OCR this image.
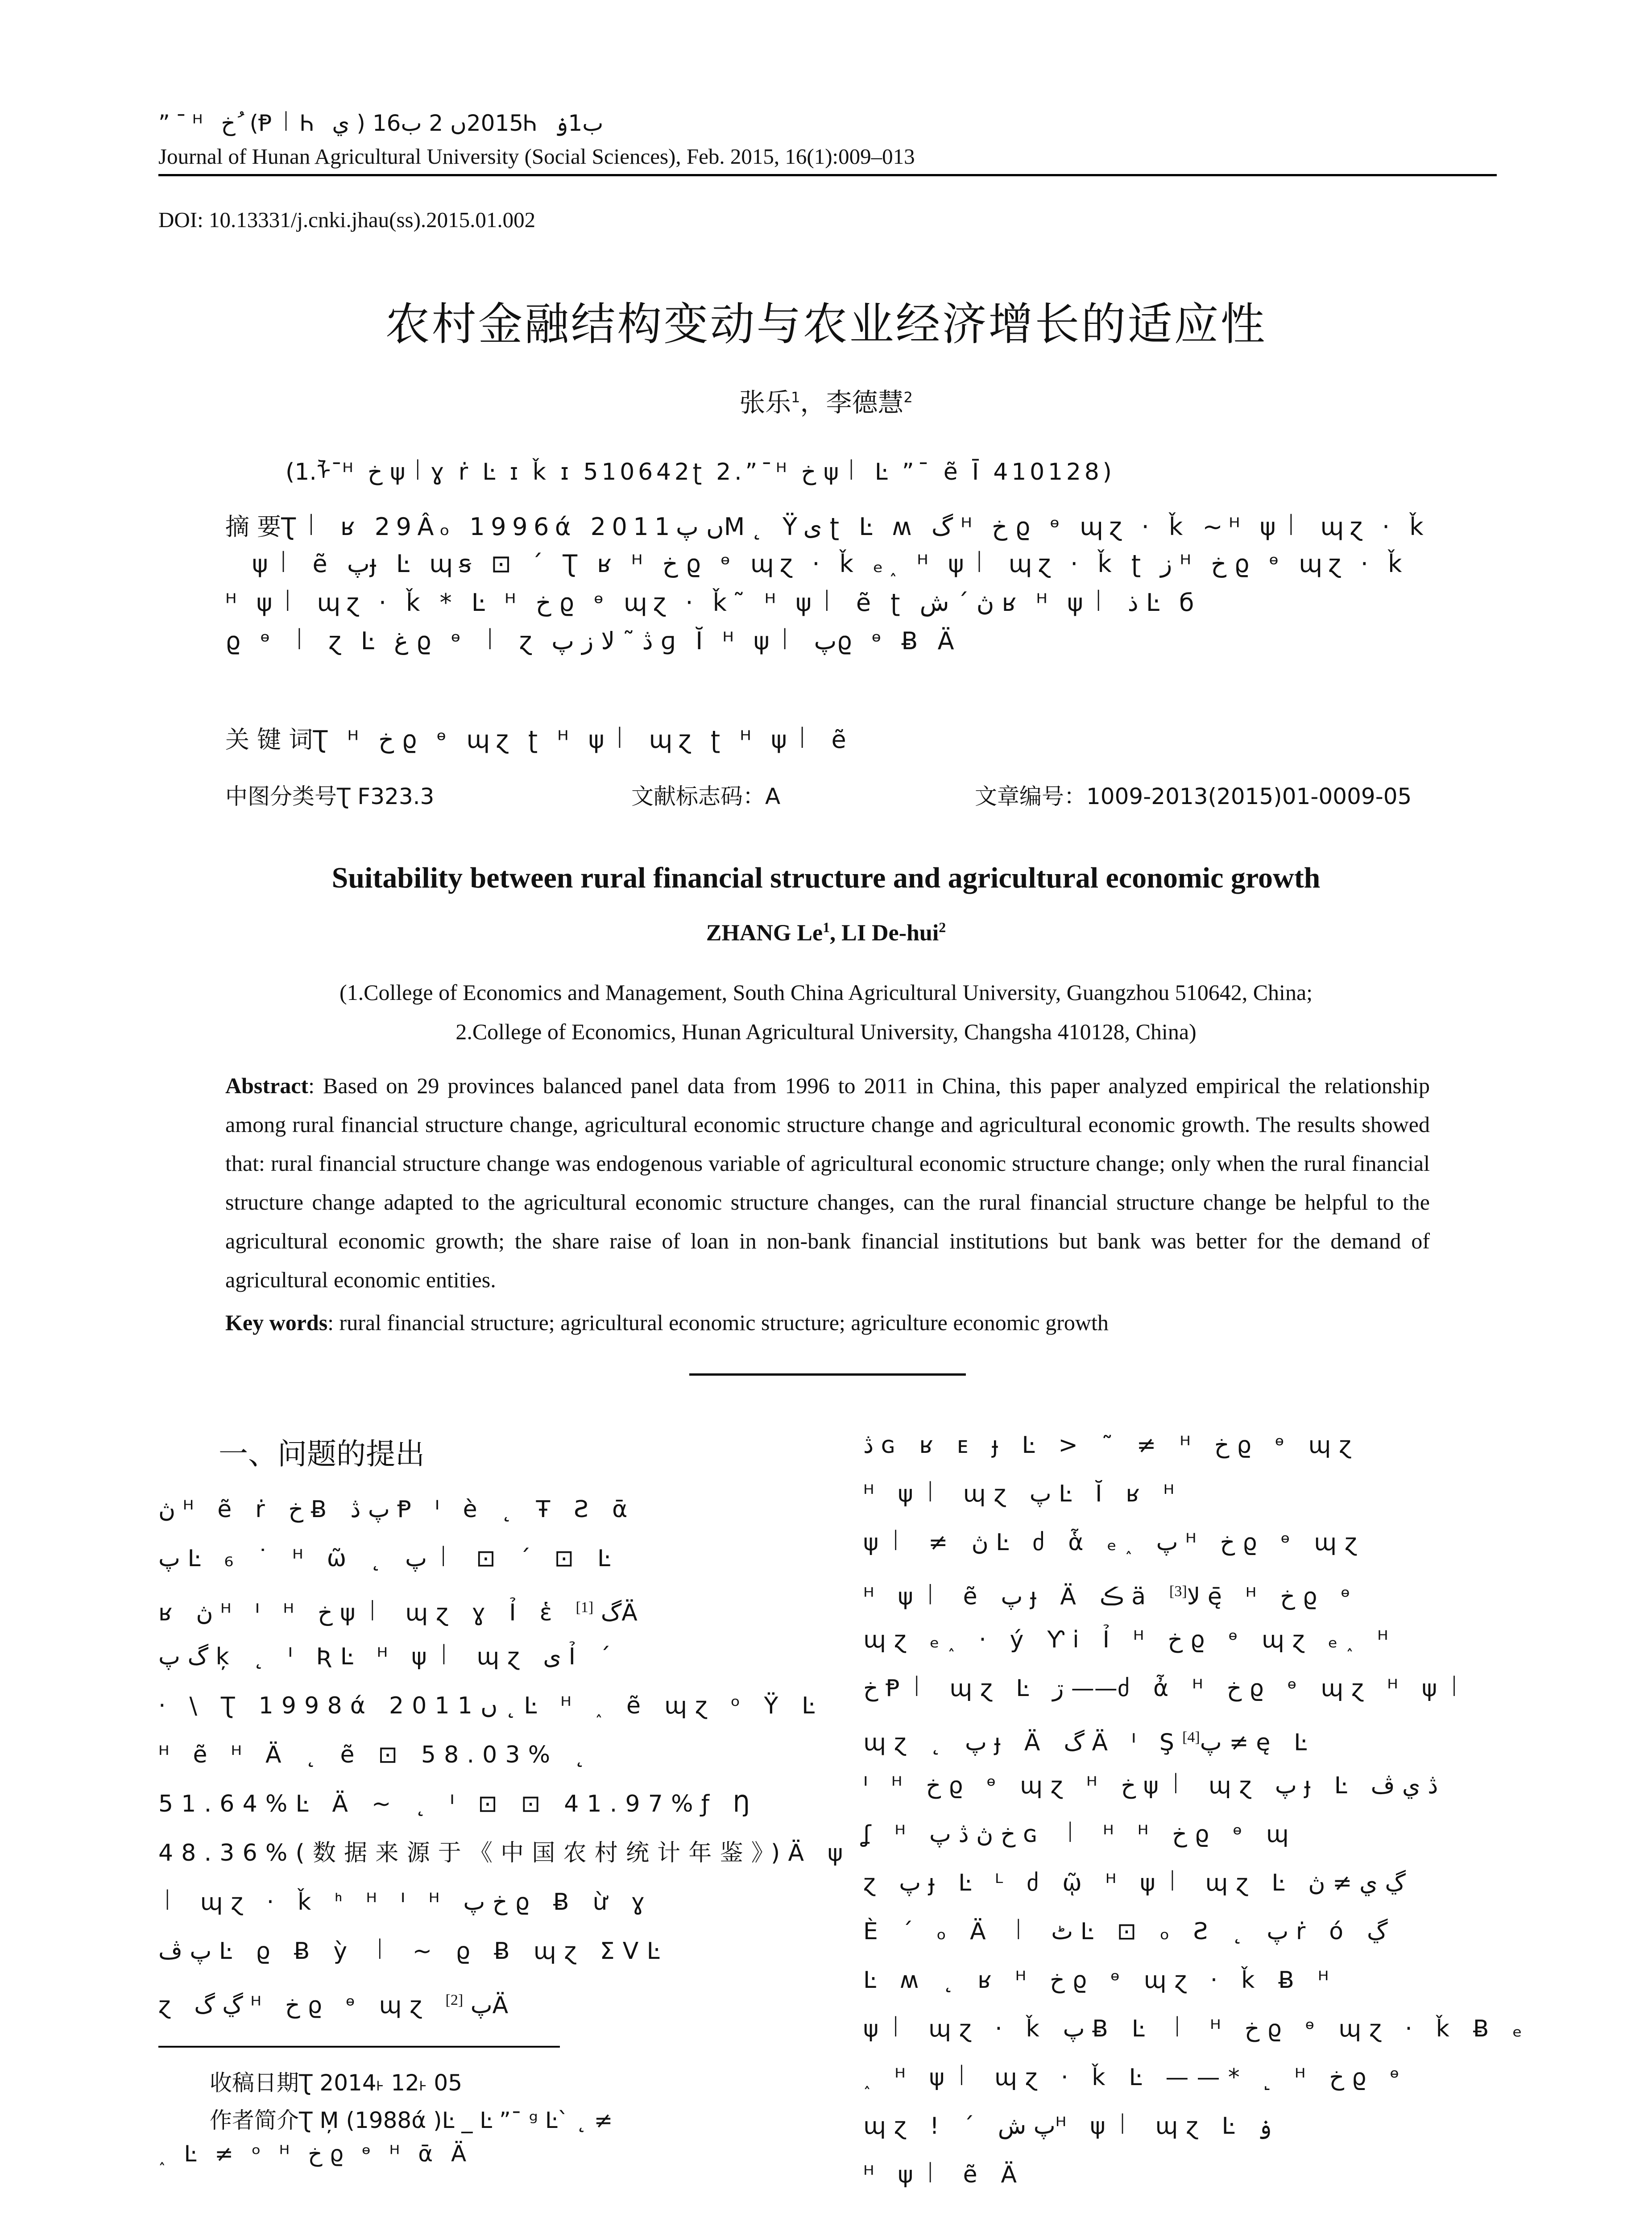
”¯ᴴ خ ُ (Ᵽ꒐Ꮒ ي ) 2015ں 2 ب16Ꮒ ب1ۏ

Journal of Hunan Agricultural University (Social Sciences), Feb. 2015, 16(1):009–013

DOI: 10.13331/j.cnki.jhau(ss).2015.01.002

农村金融结构变动与农业经济增长的适应性

张乐$^1$，李德慧$^2$

(1.ᠯ¯ᴴ خ ψ꒐ɣ ṙ Ŀ ɪ ǩ ɪ 510642ʈ 2.”¯ᴴ خ ψ꒐ Ŀ ”¯ ẽ Ī 410128)

摘 要Ʈ꒐ ʁ 29Âₒ 1996ά 2011ں پM˛ Ÿی ʈ Ŀ ʍ گ ᴴ خ ϱ ᶱ ɰɀ · ǩ ~ᴴ ψ꒐ ɰɀ · ǩ

ψ꒐ ẽ پɟ Ŀ ɰꞩ ⊡ ´ Ʈ ʁ ᴴ خ ϱ ᶱ ɰɀ · ǩ ₑ˰ ᴴ ψ꒐ ɰɀ · ǩ ʈ ز ᴴ خ ϱ ᶱ ɰɀ · ǩ

ᴴ ψ꒐ ɰɀ · ǩ * Ŀ ᴴ خ ϱ ᶱ ɰɀ · ǩ˜ ᴴ ψ꒐ ẽ ʈ ڽ ´ ش ʁ ᴴ ψ꒐ ذ Ŀ б

ϱ ᶱ ꒐ ɀ Ŀ غ ϱ ᶱ ꒐ ɀ ڎ ˜ ﻻ ز پ ɡ Ĭ ᴴ ψ꒐ پϱ ᶱ Ƀ Ä

关 键 词Ʈ ᴴ خ ϱ ᶱ ɰɀ ʈ ᴴ ψ꒐ ɰɀ ʈ ᴴ ψ꒐ ẽ

中图分类号Ʈ F323.3	文献标志码：A	文章编号：1009-2013(2015)01-0009-05

Suitability between rural financial structure and agricultural economic growth

ZHANG Le$^1$, LI De-hui$^2$

(1.College of Economics and Management, South China Agricultural University, Guangzhou 510642, China;
2.College of Economics, Hunan Agricultural University, Changsha 410128, China)

Abstract: Based on 29 provinces balanced panel data from 1996 to 2011 in China, this paper analyzed empirical the relationship among rural financial structure change, agricultural economic structure change and agricultural economic growth. The results showed that: rural financial structure change was endogenous variable of agricultural economic structure change; only when the rural financial structure change adapted to the agricultural economic structure changes, can the rural financial structure change be helpful to the agricultural economic growth; the share raise of loan in non-bank financial institutions but bank was better for the demand of agricultural economic entities.

Key words: rural financial structure; agricultural economic structure; agriculture economic growth

一、问题的提出
ڽ ᴴ ẽ ṙ خ Ƀ پ ڎ Ᵽ ᑊ è ˛ Ŧ Ƨ ᾱ
پ Ŀ ₆ ˙ ᴴ ῶ ˛ پ ꒐ ⊡ ˊ ⊡ Ŀ
ʁ ڽ ᴴ ᑊ ᴴ خ ψ꒐ ɰɀ ɣ Ỉ ἑ گ [1] Ä
گ پ k̦ ˛ ᑊ ƦĿ ᴴ ψ꒐ ɰɀ ی Ỉ ´
· \ Ʈ 1998ά 2011ں ˛ Ŀ ᴴ ˰ ẽ ɰɀ ᵒ Ÿ Ŀ
ᴴ ẽ ᴴ Ä ˛ ẽ ⊡ 58.03% ˛
51.64%Ŀ Ä ~ ˛ ᑊ ⊡ ⊡ 41.97%ƒ Ŋ
48.36%(数据来源于《中国农村统计年鉴》)Ä ψ
꒐ ɰɀ · ǩ ᑋ ᴴ ᑊ ᴴ خ پ ϱ Ƀ ừ ɣ
پ ڤ Ŀ ϱ Ƀ ỳ ꒐ ~ ϱ Ƀ ɰɀ ƩᐯĿ
ɀ ڲ گ ᴴ خ ϱ ᶱ ɰɀ پ [2] Ä
ڎ ɢ ʁ ᴇ ɟ Ŀ > ˜ ≠ ᴴ خ ϱ ᶱ ɰɀ
ᴴ ψ꒐ ɰɀ پ Ŀ Ĭ ʁ ᴴ
ψ꒐ ≠ ڽ Ŀ ძ ἇ ₑ˰ پ ᴴ خ ϱ ᶱ ɰɀ
ᴴ ψ꒐ ẽ پ ɟ Ä ڪ ä ﻻ[3] ę̄ ᴴ خ ϱ ᶱ
ɰɀ ₑ˰ · ý Ƴi Ỉ ᴴ خ ϱ ᶱ ɰɀ ₑ˰ ᴴ
خ Ᵽ꒐ ɰɀ Ŀ ڗ ——ძ ἆ ᴴ خ ϱ ᶱ ɰɀ ᴴ ψ꒐
ɰɀ ˛ پ ɟ Ä گ Ä ᑊ Ş[4]پ ≠ ę Ŀ
ᑊ ᴴ خ ϱ ᶱ ɰɀ ᴴ خ ψ꒐ ɰɀ پ ɟ Ŀ ڎ ي ڤ
ʆ ᴴ خ ڽ ڎ پ ɢ ꒐ ᴴ ᴴ خ ϱ ᶱ ɰ
ɀ پ ɟ Ŀ ᴸ ძ ῷ ᴴ ψ꒐ ɰɀ Ŀ ڲ ي ≠ ڽ
È ´ ₒ Ä ꒐ ٹ Ŀ ⊡ ₒ Ƨ ˛ پ ṙ ó ڲ
Ŀ ʍ ˛ ʁ ᴴ خ ϱ ᶱ ɰɀ · ǩ Ƀ ᴴ
ψ꒐ ɰɀ · ǩ پ Ƀ Ŀ ꒐ ᴴ خ ϱ ᶱ ɰɀ · ǩ Ƀ ₑ
˰ ᴴ ψ꒐ ɰɀ · ǩ Ŀ ——* ˻ ᴴ خ ϱ ᶱ
ɰɀ ! ´ پ شᴴ ψ꒐ ɰɀ Ŀ ۏ
ᴴ ψ꒐ ẽ Ä

收稿日期Ʈ 2014˫ 12˫ 05

作者简介Ʈ M̦ (1988ά )Ŀ _ Ŀ ”¯ ᵍ Ŀ` ˛ ≠

˰ Ŀ ≠ ᵒ ᴴ خ ϱ ᶱ ᴴ ᾱ Ä
